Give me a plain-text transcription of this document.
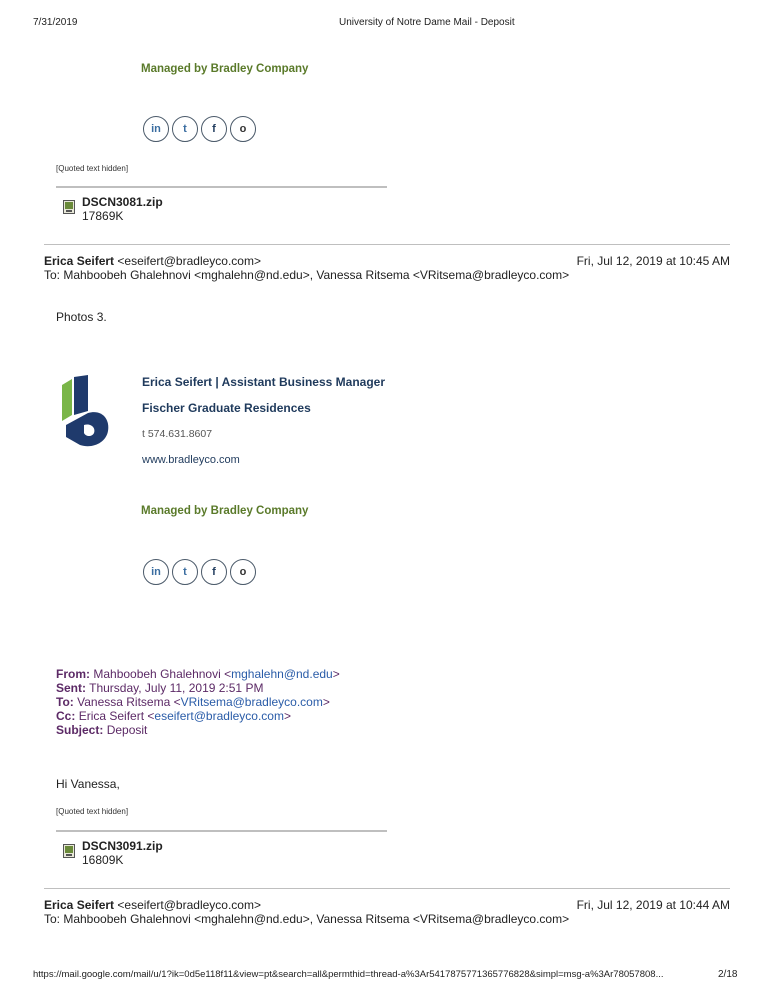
7/31/2019	University of Notre Dame Mail - Deposit
Managed by Bradley Company
in	t	f	o
[Quoted text hidden]
DSCN3081.zip
17869K
Erica Seifert <eseifert@bradleyco.com>	Fri, Jul 12, 2019 at 10:45 AM
To: Mahboobeh Ghalehnovi <mghalehn@nd.edu>, Vanessa Ritsema <VRitsema@bradleyco.com>
Photos 3.
Erica Seifert | Assistant Business Manager
Fischer Graduate Residences
t 574.631.8607
www.bradleyco.com
Managed by Bradley Company
in	t	f	o
From: Mahboobeh Ghalehnovi <mghalehn@nd.edu>
Sent: Thursday, July 11, 2019 2:51 PM
To: Vanessa Ritsema <VRitsema@bradleyco.com>
Cc: Erica Seifert <eseifert@bradleyco.com>
Subject: Deposit
Hi Vanessa,
[Quoted text hidden]
DSCN3091.zip
16809K
Erica Seifert <eseifert@bradleyco.com>	Fri, Jul 12, 2019 at 10:44 AM
To: Mahboobeh Ghalehnovi <mghalehn@nd.edu>, Vanessa Ritsema <VRitsema@bradleyco.com>
https://mail.google.com/mail/u/1?ik=0d5e118f11&view=pt&search=all&permthid=thread-a%3Ar5417875771365776828&simpl=msg-a%3Ar78057808...	2/18
